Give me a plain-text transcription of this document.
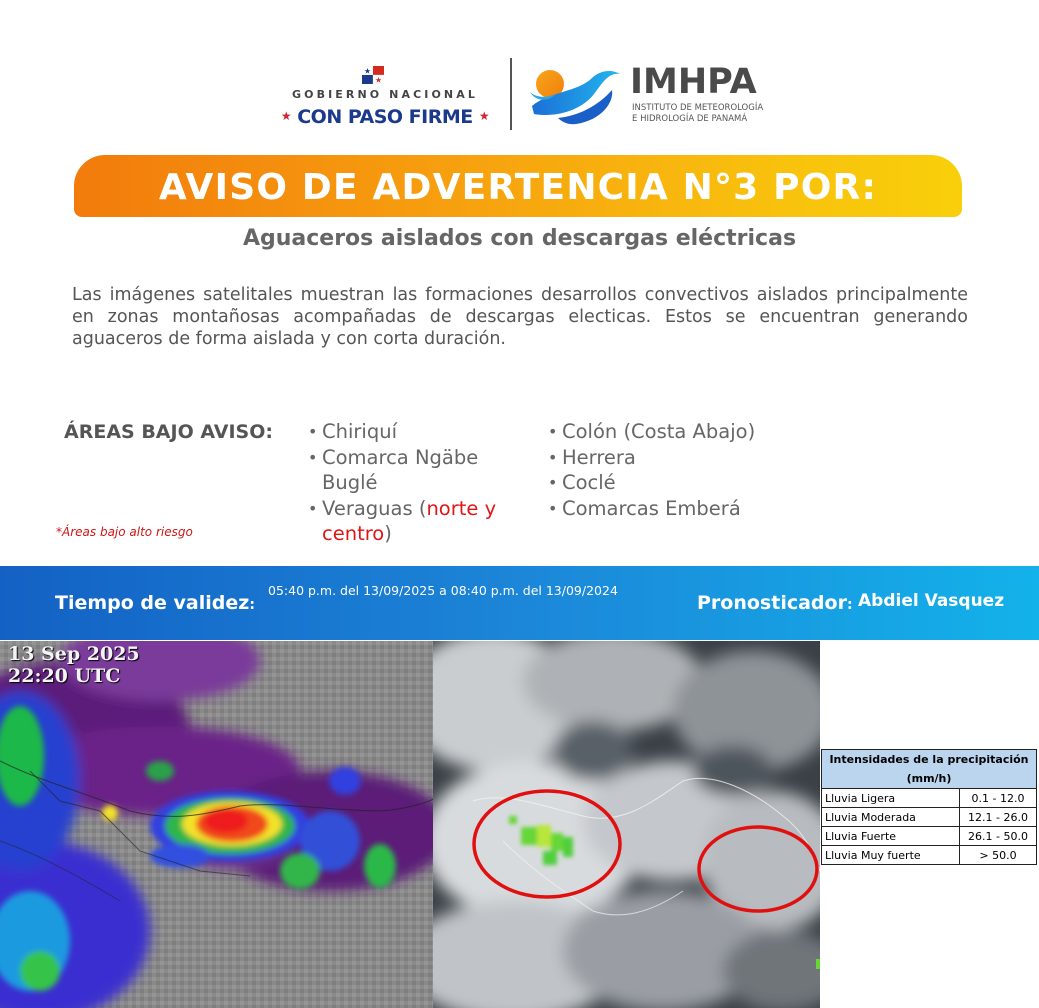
GOBIERNO NACIONAL
★ CON PASO FIRME ★
IMHPA
INSTITUTO DE METEOROLOGÍA
E HIDROLOGÍA DE PANAMÁ
AVISO DE ADVERTENCIA N°3 POR:
Aguaceros aislados con descargas eléctricas
Las imágenes satelitales muestran las formaciones desarrollos convectivos aislados principalmente en zonas montañosas acompañadas de descargas electicas. Estos se encuentran generando aguaceros de forma aislada y con corta duración.
ÁREAS BAJO AVISO:	• Chiriquí
• Comarca Ngäbe Buglé
• Veraguas (norte y centro)
• Colón (Costa Abajo)
• Herrera
• Coclé
• Comarcas Emberá
*Áreas bajo alto riesgo
Tiempo de validez:
05:40 p.m. del 13/09/2025 a 08:40 p.m. del 13/09/2024
Pronosticador: Abdiel Vasquez
13 Sep 2025
22:20 UTC
Intensidades de la precipitación
(mm/h)	

Lluvia Ligera	0.1 - 12.0
Lluvia Moderada	12.1 - 26.0
Lluvia Fuerte	26.1 - 50.0
Lluvia Muy fuerte	> 50.0
